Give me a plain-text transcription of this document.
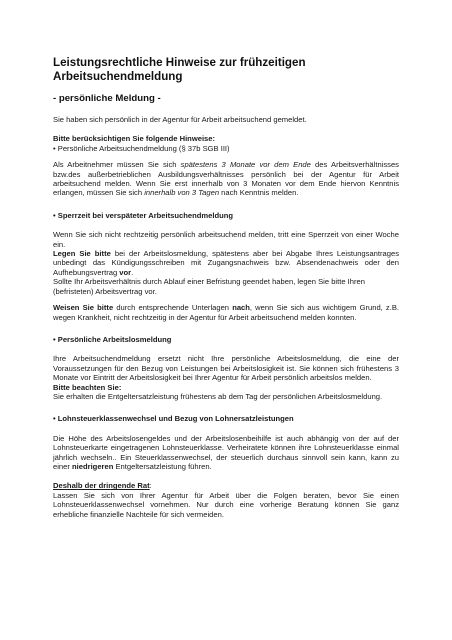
Leistungsrechtliche Hinweise zur frühzeitigen
Arbeitsuchendmeldung
- persönliche Meldung -

Sie haben sich persönlich in der Agentur für Arbeit arbeitsuchend gemeldet.

Bitte berücksichtigen Sie folgende Hinweise:

• Persönliche Arbeitsuchendmeldung (§ 37b SGB III)

Als Arbeitnehmer müssen Sie sich spätestens 3 Monate vor dem Ende des Arbeitsverhältnisses bzw.des außerbetrieblichen Ausbildungsverhältnisses persönlich bei der Agentur für Arbeit arbeitsuchend melden. Wenn Sie erst innerhalb von 3 Monaten vor dem Ende hiervon Kenntnis erlangen, müssen Sie sich innerhalb von 3 Tagen nach Kenntnis melden.

• Sperrzeit bei verspäteter Arbeitsuchendmeldung

Wenn Sie sich nicht rechtzeitig persönlich arbeitsuchend melden, tritt eine Sperrzeit von einer Woche ein.

Legen Sie bitte bei der Arbeitslosmeldung, spätestens aber bei Abgabe Ihres Leistungsantrages unbedingt das Kündigungsschreiben mit Zugangsnachweis bzw. Absendenachweis oder den Aufhebungsvertrag vor.

Sollte Ihr Arbeitsverhältnis durch Ablauf einer Befristung geendet haben, legen Sie bitte Ihren (befristeten) Arbeitsvertrag vor.

Weisen Sie bitte durch entsprechende Unterlagen nach, wenn Sie sich aus wichtigem Grund, z.B. wegen Krankheit, nicht rechtzeitig in der Agentur für Arbeit arbeitsuchend melden konnten.

• Persönliche Arbeitslosmeldung

Ihre Arbeitsuchendmeldung ersetzt nicht Ihre persönliche Arbeitslosmeldung, die eine der Voraussetzungen für den Bezug von Leistungen bei Arbeitslosigkeit ist. Sie können sich frühestens 3 Monate vor Eintritt der Arbeitslosigkeit bei Ihrer Agentur für Arbeit persönlich arbeitslos melden.

Bitte beachten Sie:

Sie erhalten die Entgeltersatzleistung frühestens ab dem Tag der persönlichen Arbeitslosmeldung.

• Lohnsteuerklassenwechsel und Bezug von Lohnersatzleistungen

Die Höhe des Arbeitslosengeldes und der Arbeitslosenbeihilfe ist auch abhängig von der auf der Lohnsteuerkarte eingetragenen Lohnsteuerklasse. Verheiratete können ihre Lohnsteuerklasse einmal jährlich wechseln.. Ein Steuerklassenwechsel, der steuerlich durchaus sinnvoll sein kann, kann zu einer niedrigeren Entgeltersatzleistung führen.

Deshalb der dringende Rat:

Lassen Sie sich von Ihrer Agentur für Arbeit über die Folgen beraten, bevor Sie einen Lohnsteuerklassenwechsel vornehmen. Nur durch eine vorherige Beratung können Sie ganz erhebliche finanzielle Nachteile für sich vermeiden.
